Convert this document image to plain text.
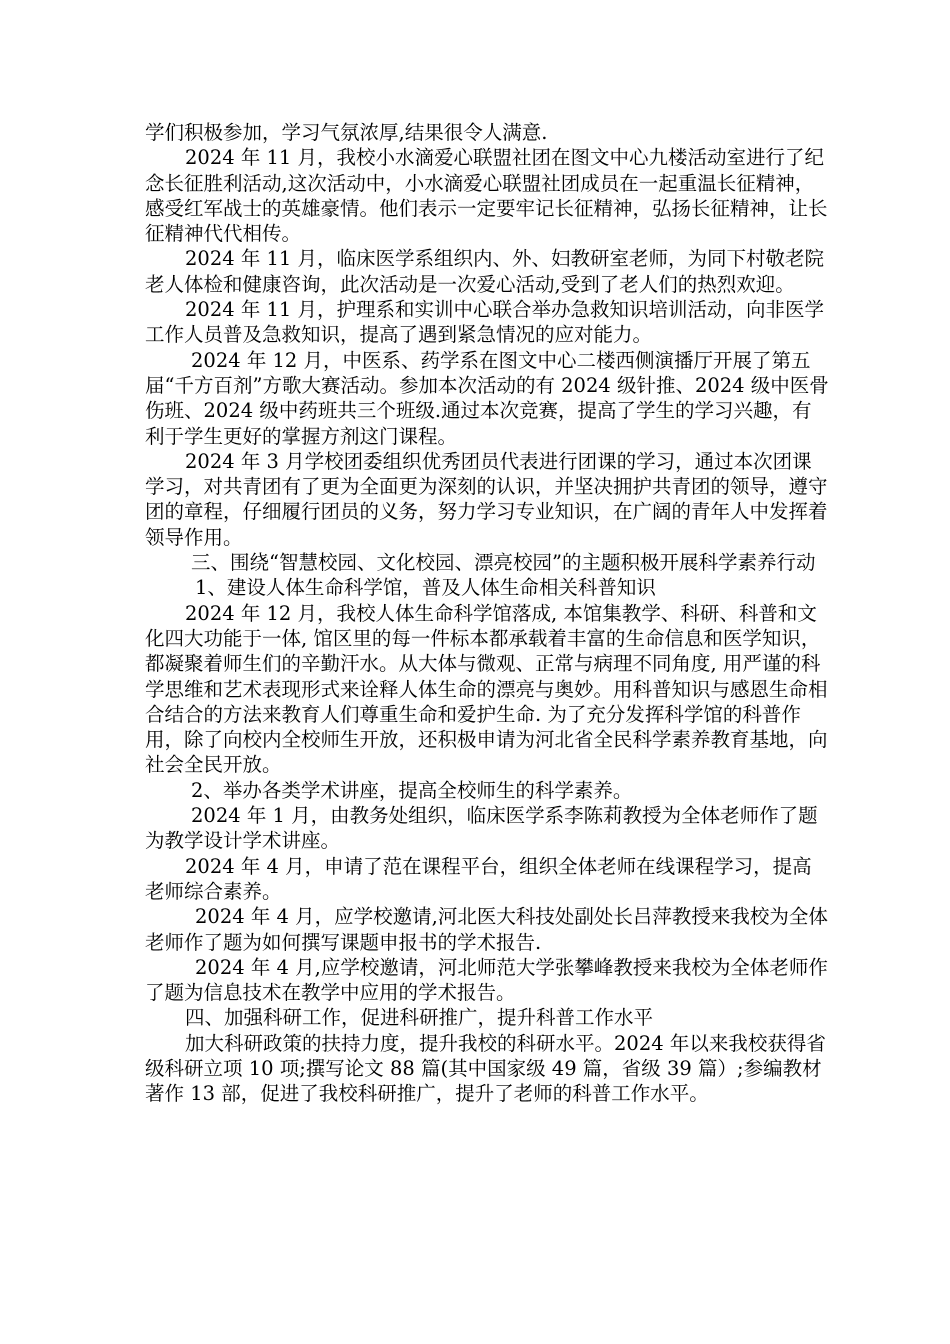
学们积极参加，学习气氛浓厚,结果很令人满意.

2024 年 11 月，我校小水滴爱心联盟社团在图文中心九楼活动室进行了纪念长征胜利活动,这次活动中，小水滴爱心联盟社团成员在一起重温长征精神，感受红军战士的英雄豪情。他们表示一定要牢记长征精神，弘扬长征精神，让长征精神代代相传。

2024 年 11 月，临床医学系组织内、外、妇教研室老师，为同下村敬老院老人体检和健康咨询，此次活动是一次爱心活动,受到了老人们的热烈欢迎。

2024 年 11 月，护理系和实训中心联合举办急救知识培训活动，向非医学工作人员普及急救知识，提高了遇到紧急情况的应对能力。

2024 年 12 月，中医系、药学系在图文中心二楼西侧演播厅开展了第五届“千方百剂”方歌大赛活动。参加本次活动的有 2024 级针推、2024 级中医骨伤班、2024 级中药班共三个班级.通过本次竞赛，提高了学生的学习兴趣，有利于学生更好的掌握方剂这门课程。

2024 年 3 月学校团委组织优秀团员代表进行团课的学习，通过本次团课学习，对共青团有了更为全面更为深刻的认识，并坚决拥护共青团的领导，遵守团的章程，仔细履行团员的义务，努力学习专业知识，在广阔的青年人中发挥着领导作用。

三、围绕“智慧校园、文化校园、漂亮校园”的主题积极开展科学素养行动

1、建设人体生命科学馆，普及人体生命相关科普知识

2024 年 12 月，我校人体生命科学馆落成, 本馆集教学、科研、科普和文化四大功能于一体, 馆区里的每一件标本都承载着丰富的生命信息和医学知识，都凝聚着师生们的辛勤汗水。从大体与微观、正常与病理不同角度, 用严谨的科学思维和艺术表现形式来诠释人体生命的漂亮与奥妙。用科普知识与感恩生命相合结合的方法来教育人们尊重生命和爱护生命. 为了充分发挥科学馆的科普作用，除了向校内全校师生开放，还积极申请为河北省全民科学素养教育基地，向社会全民开放。

2、举办各类学术讲座，提高全校师生的科学素养。

2024 年 1 月，由教务处组织，临床医学系李陈莉教授为全体老师作了题为教学设计学术讲座。

2024 年 4 月，申请了范在课程平台，组织全体老师在线课程学习，提高老师综合素养。

2024 年 4 月，应学校邀请,河北医大科技处副处长吕萍教授来我校为全体老师作了题为如何撰写课题申报书的学术报告.

2024 年 4 月,应学校邀请，河北师范大学张攀峰教授来我校为全体老师作了题为信息技术在教学中应用的学术报告。

四、加强科研工作，促进科研推广，提升科普工作水平

加大科研政策的扶持力度，提升我校的科研水平。2024 年以来我校获得省级科研立项 10 项;撰写论文 88 篇(其中国家级 49 篇，省级 39 篇）;参编教材著作 13 部，促进了我校科研推广，提升了老师的科普工作水平。
